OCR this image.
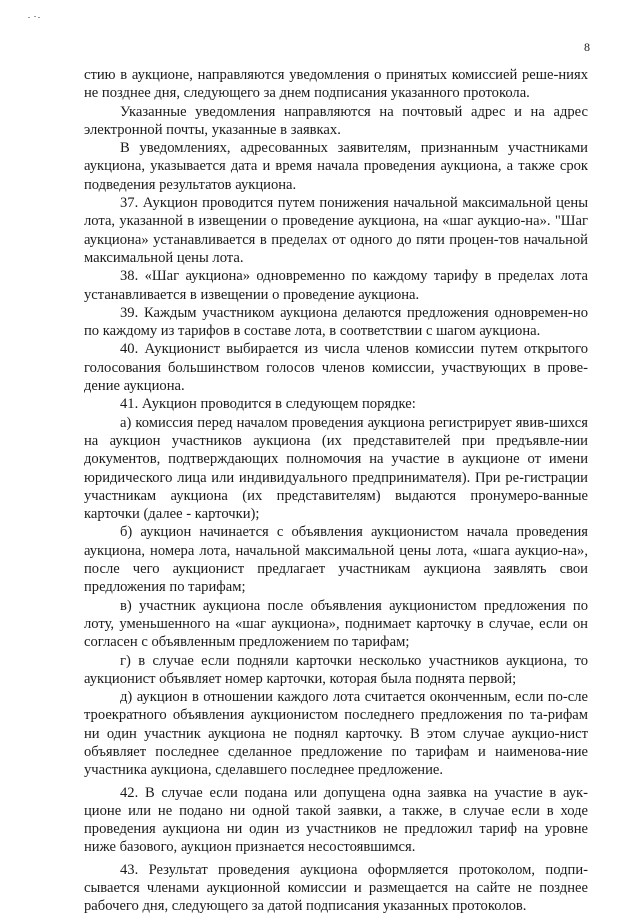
8

стию в аукционе, направляются уведомления о принятых комиссией реше-ниях не позднее дня, следующего за днем подписания указанного протокола.

Указанные уведомления направляются на почтовый адрес и на адрес электронной почты, указанные в заявках.

В уведомлениях, адресованных заявителям, признанным участниками аукциона, указывается дата и время начала проведения аукциона, а также срок подведения результатов аукциона.

37. Аукцион проводится путем понижения начальной максимальной цены лота, указанной в извещении о проведение аукциона, на «шаг аукцио-на». "Шаг аукциона» устанавливается в пределах от одного до пяти процен-тов начальной максимальной цены лота.

38. «Шаг аукциона» одновременно по каждому тарифу в пределах лота устанавливается в извещении о проведение аукциона.

39. Каждым участником аукциона делаются предложения одновремен-но по каждому из тарифов в составе лота, в соответствии с шагом аукциона.

40. Аукционист выбирается из числа членов комиссии путем открытого голосования большинством голосов членов комиссии, участвующих в прове-дение аукциона.

41. Аукцион проводится в следующем порядке:

а) комиссия перед началом проведения аукциона регистрирует явив-шихся на аукцион участников аукциона (их представителей при предъявле-нии документов, подтверждающих полномочия на участие в аукционе от имени юридического лица или индивидуального предпринимателя). При ре-гистрации участникам аукциона (их представителям) выдаются пронумеро-ванные карточки (далее - карточки);

б) аукцион начинается с объявления аукционистом начала проведения аукциона, номера лота, начальной максимальной цены лота, «шага аукцио-на», после чего аукционист предлагает участникам аукциона заявлять свои предложения по тарифам;

в) участник аукциона после объявления аукционистом предложения по лоту, уменьшенного на «шаг аукциона», поднимает карточку в случае, если он согласен с объявленным предложением по тарифам;

г) в случае если подняли карточки несколько участников аукциона, то аукционист объявляет номер карточки, которая была поднята первой;

д) аукцион в отношении каждого лота считается оконченным, если по-сле троекратного объявления аукционистом последнего предложения по та-рифам ни один участник аукциона не поднял карточку. В этом случае аукцио-нист объявляет последнее сделанное предложение по тарифам и наименова-ние участника аукциона, сделавшего последнее предложение.

42. В случае если подана или допущена одна заявка на участие в аук-ционе или не подано ни одной такой заявки, а также, в случае если в ходе проведения аукциона ни один из участников не предложил тариф на уровне ниже базового, аукцион признается несостоявшимся.

43. Результат проведения аукциона оформляется протоколом, подпи-сывается членами аукционной комиссии и размещается на сайте не позднее рабочего дня, следующего за датой подписания указанных протоколов.
